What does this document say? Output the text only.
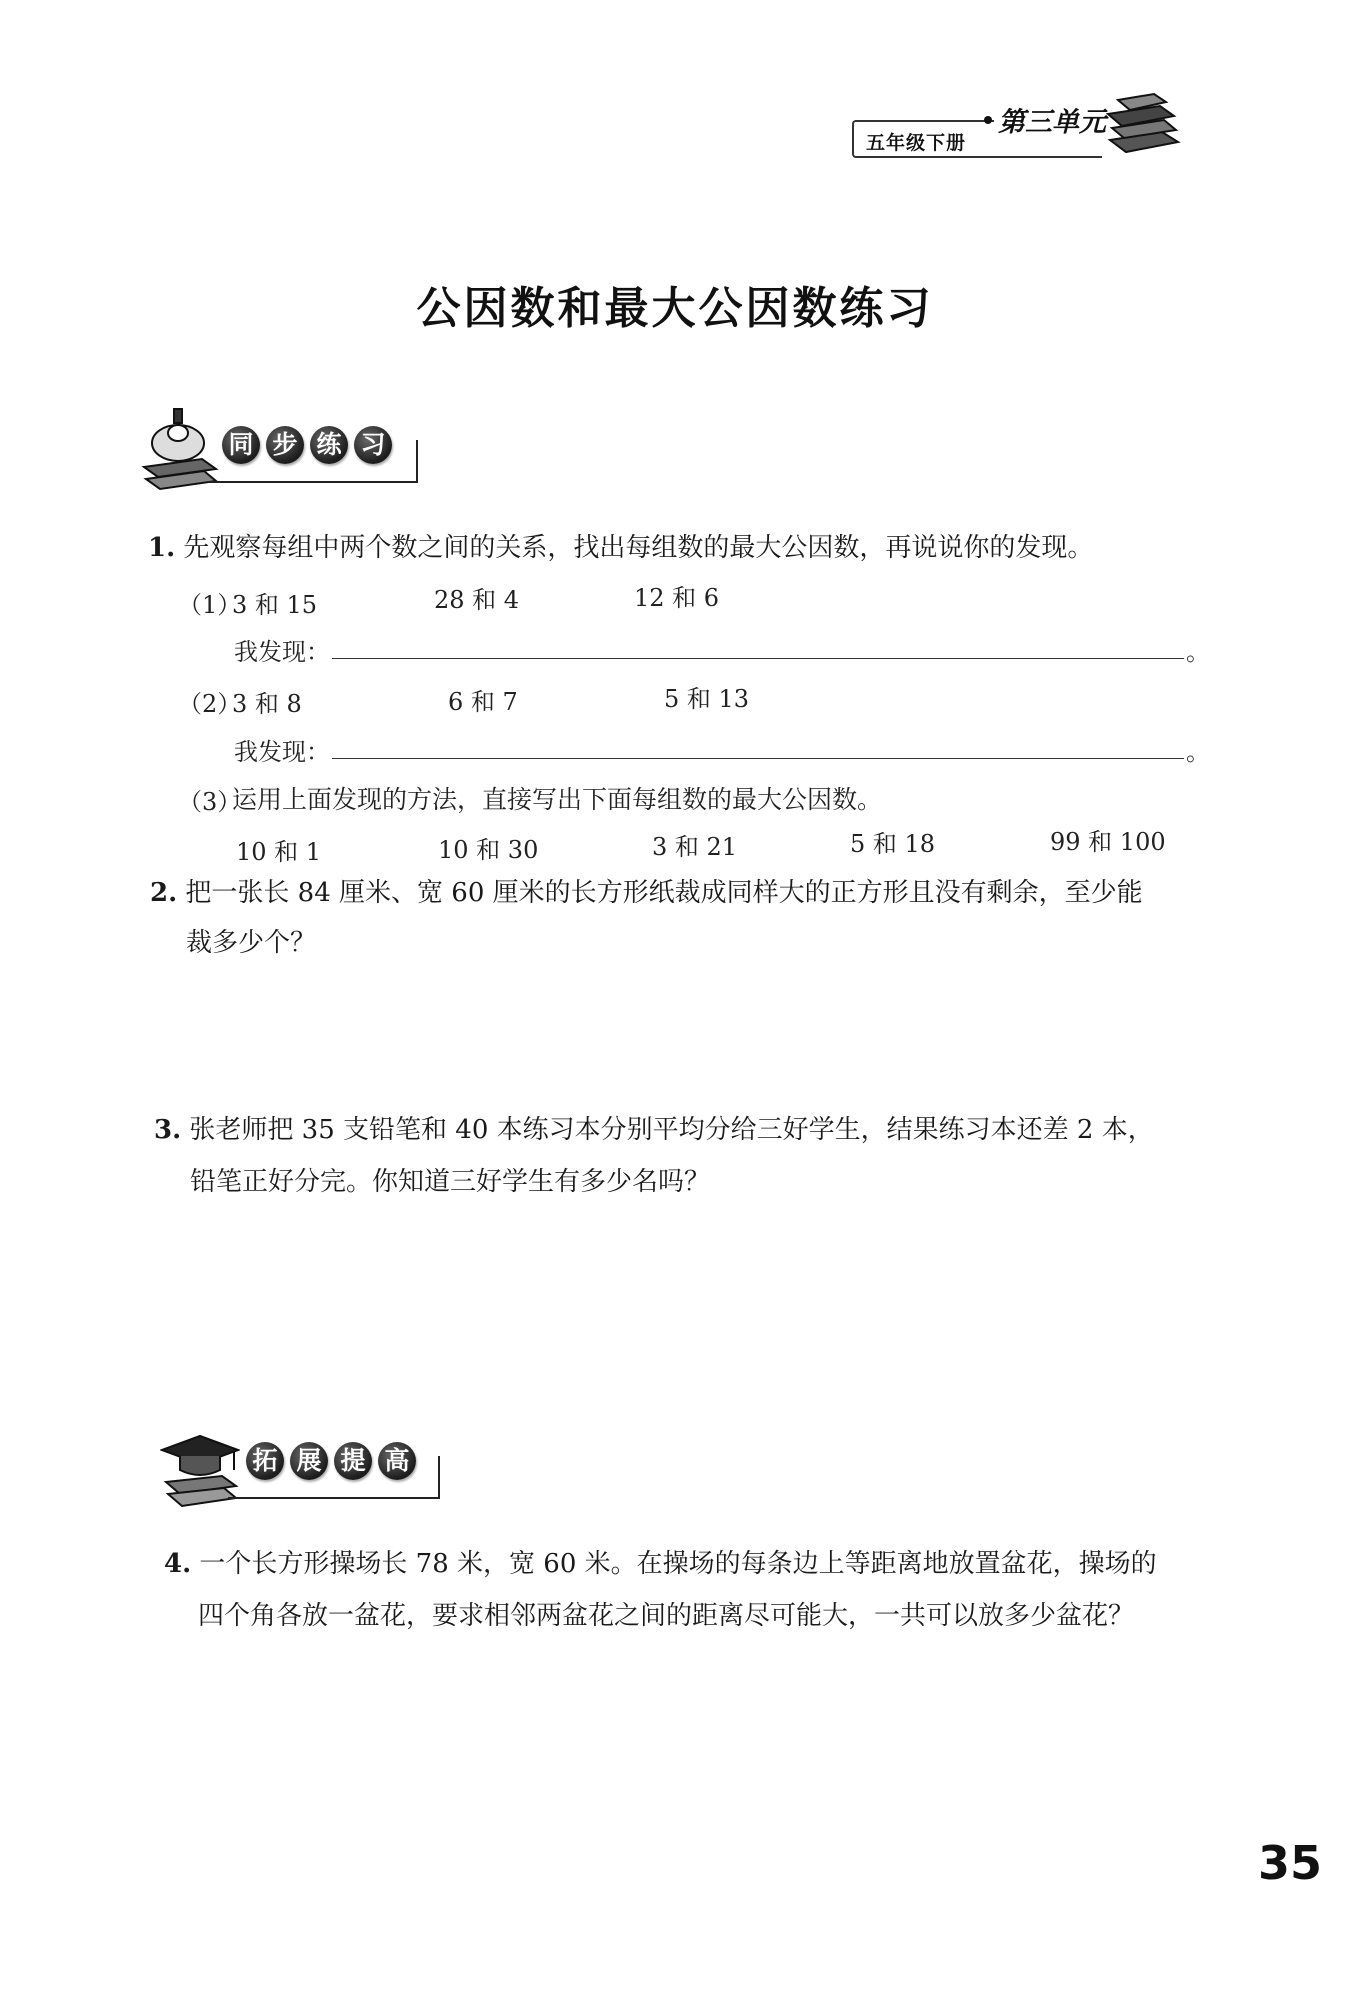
五年级下册
第三单元
公因数和最大公因数练习
同 步 练 习
1. 先观察每组中两个数之间的关系，找出每组数的最大公因数，再说说你的发现。
（1）
3 和 15	28 和 4	12 和 6
我发现：	。
（2）
3 和 8	6 和 7	5 和 13
我发现：	。
（3）
运用上面发现的方法，直接写出下面每组数的最大公因数。
10 和 1	10 和 30	3 和 21	5 和 18	99 和 100
2. 把一张长 84 厘米、宽 60 厘米的长方形纸裁成同样大的正方形且没有剩余，至少能
裁多少个？
3. 张老师把 35 支铅笔和 40 本练习本分别平均分给三好学生，结果练习本还差 2 本，
铅笔正好分完。你知道三好学生有多少名吗？
拓 展 提 高
4. 一个长方形操场长 78 米，宽 60 米。在操场的每条边上等距离地放置盆花，操场的
四个角各放一盆花，要求相邻两盆花之间的距离尽可能大，一共可以放多少盆花？
35
